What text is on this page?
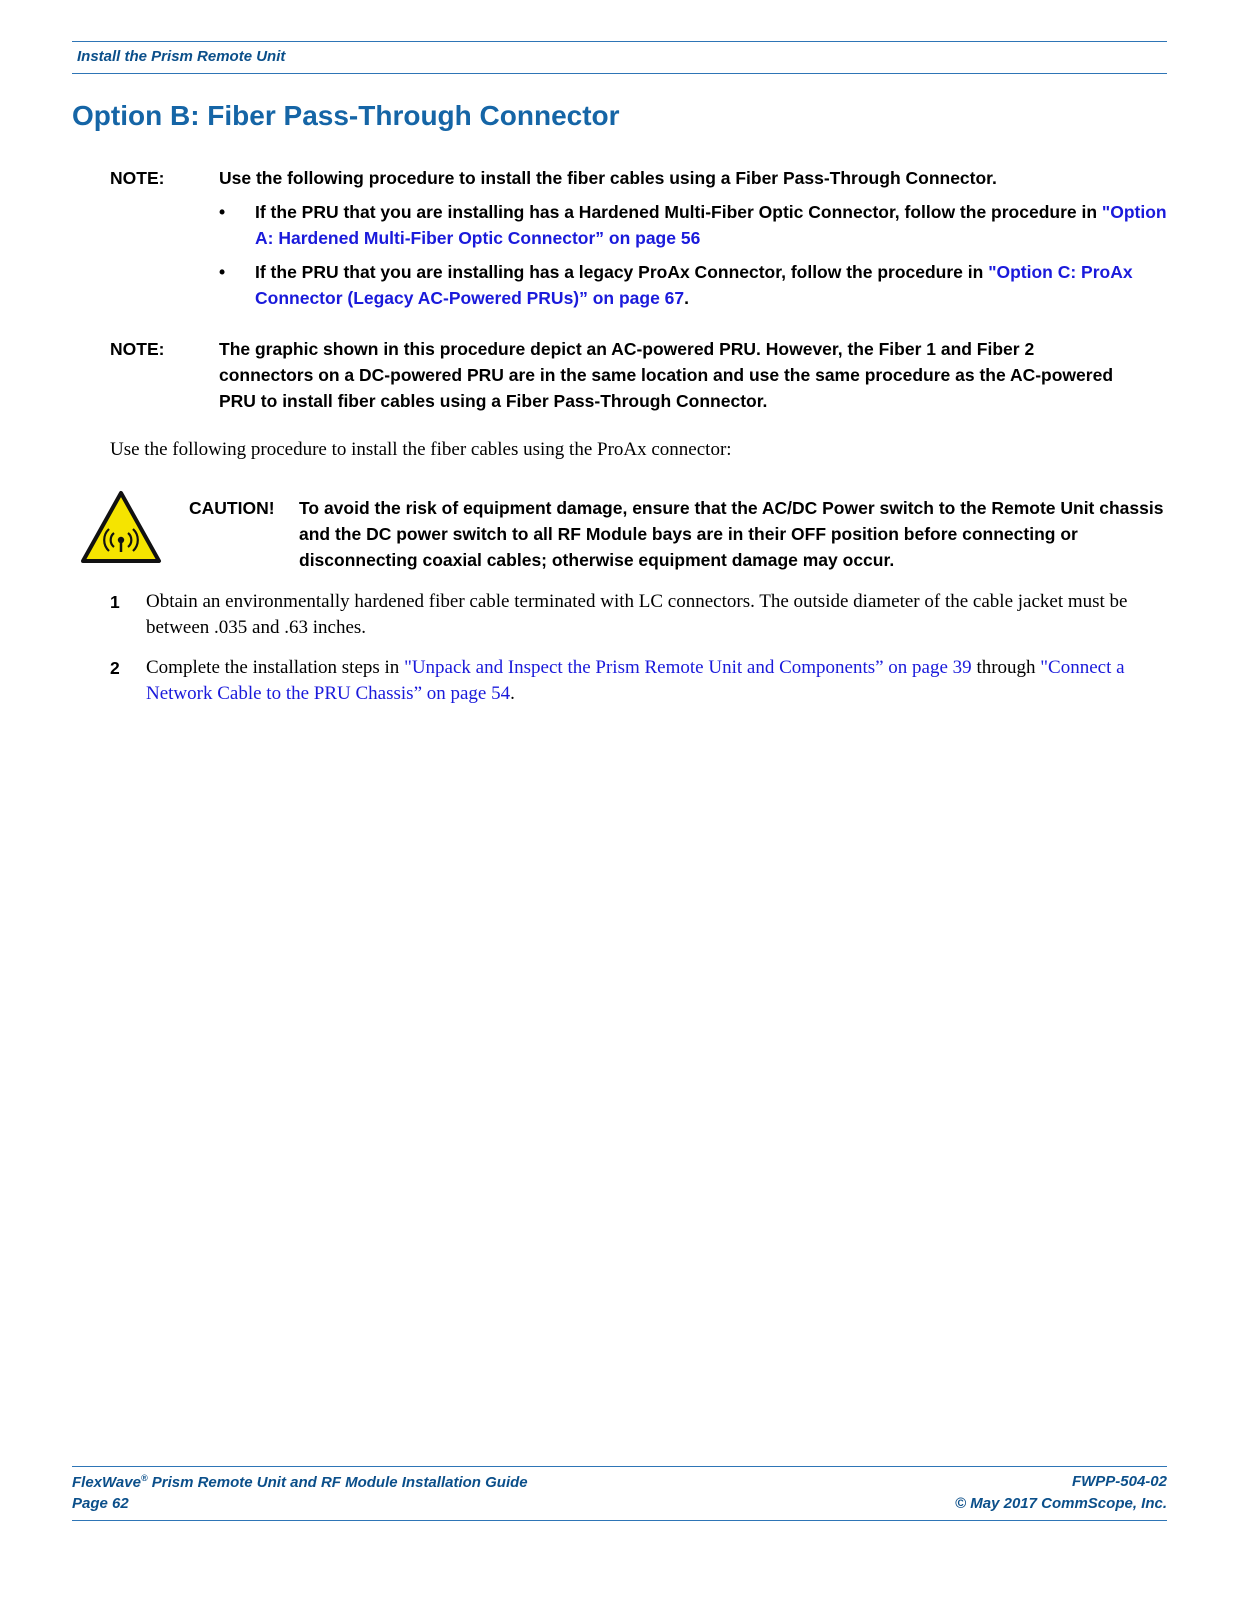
Install the Prism Remote Unit
Option B: Fiber Pass-Through Connector
NOTE:	Use the following procedure to install the fiber cables using a Fiber Pass-Through Connector.
• If the PRU that you are installing has a Hardened Multi-Fiber Optic Connector, follow the procedure in "Option A: Hardened Multi-Fiber Optic Connector” on page 56
• If the PRU that you are installing has a legacy ProAx Connector, follow the procedure in "Option C: ProAx Connector (Legacy AC-Powered PRUs)” on page 67.
NOTE:	The graphic shown in this procedure depict an AC-powered PRU. However, the Fiber 1 and Fiber 2 connectors on a DC-powered PRU are in the same location and use the same procedure as the AC-powered PRU to install fiber cables using a Fiber Pass-Through Connector.
Use the following procedure to install the fiber cables using the ProAx connector:
CAUTION! To avoid the risk of equipment damage, ensure that the AC/DC Power switch to the Remote Unit chassis and the DC power switch to all RF Module bays are in their OFF position before connecting or disconnecting coaxial cables; otherwise equipment damage may occur.
1 Obtain an environmentally hardened fiber cable terminated with LC connectors. The outside diameter of the cable jacket must be between .035 and .63 inches.
2 Complete the installation steps in "Unpack and Inspect the Prism Remote Unit and Components” on page 39 through "Connect a Network Cable to the PRU Chassis” on page 54.
FlexWave® Prism Remote Unit and RF Module Installation Guide
Page 62
FWPP-504-02
© May 2017 CommScope, Inc.
